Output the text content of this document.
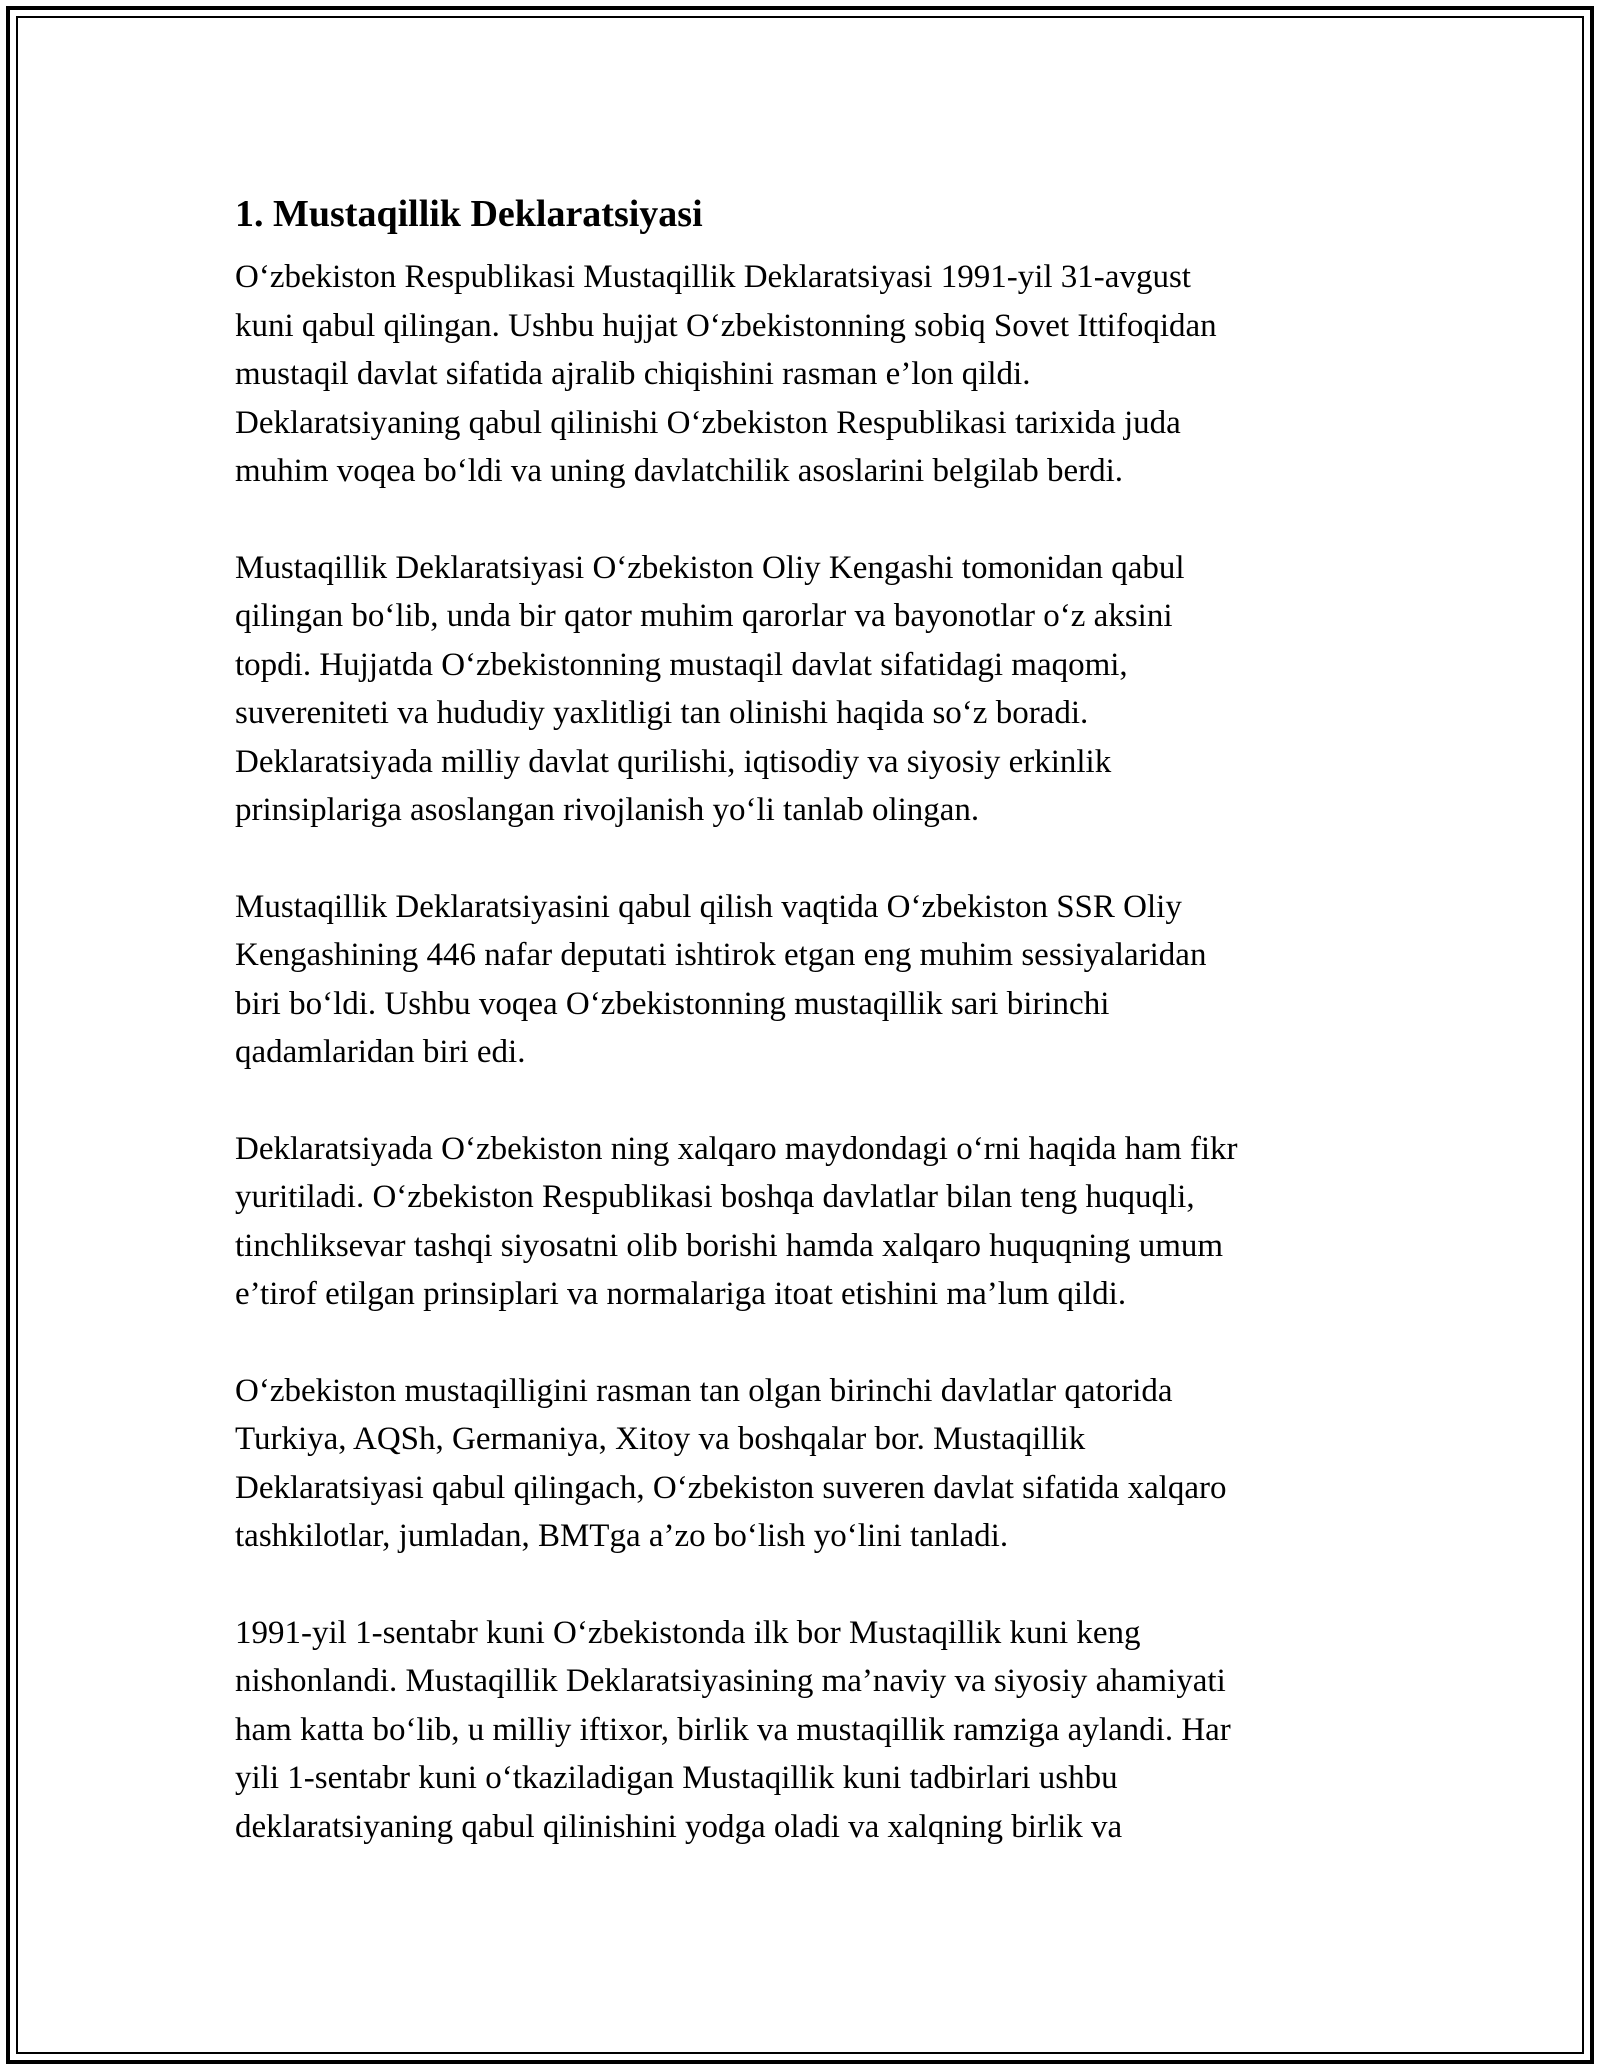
1. Mustaqillik Deklaratsiyasi
O‘zbekiston Respublikasi Mustaqillik Deklaratsiyasi 1991-yil 31-avgust
kuni qabul qilingan. Ushbu hujjat O‘zbekistonning sobiq Sovet Ittifoqidan
mustaqil davlat sifatida ajralib chiqishini rasman e’lon qildi.
Deklaratsiyaning qabul qilinishi O‘zbekiston Respublikasi tarixida juda
muhim voqea bo‘ldi va uning davlatchilik asoslarini belgilab berdi.
Mustaqillik Deklaratsiyasi O‘zbekiston Oliy Kengashi tomonidan qabul
qilingan bo‘lib, unda bir qator muhim qarorlar va bayonotlar o‘z aksini
topdi. Hujjatda O‘zbekistonning mustaqil davlat sifatidagi maqomi,
suvereniteti va hududiy yaxlitligi tan olinishi haqida so‘z boradi.
Deklaratsiyada milliy davlat qurilishi, iqtisodiy va siyosiy erkinlik
prinsiplariga asoslangan rivojlanish yo‘li tanlab olingan.
Mustaqillik Deklaratsiyasini qabul qilish vaqtida O‘zbekiston SSR Oliy
Kengashining 446 nafar deputati ishtirok etgan eng muhim sessiyalaridan
biri bo‘ldi. Ushbu voqea O‘zbekistonning mustaqillik sari birinchi
qadamlaridan biri edi.
Deklaratsiyada O‘zbekiston ning xalqaro maydondagi o‘rni haqida ham fikr
yuritiladi. O‘zbekiston Respublikasi boshqa davlatlar bilan teng huquqli,
tinchliksevar tashqi siyosatni olib borishi hamda xalqaro huquqning umum
e’tirof etilgan prinsiplari va normalariga itoat etishini ma’lum qildi.
O‘zbekiston mustaqilligini rasman tan olgan birinchi davlatlar qatorida
Turkiya, AQSh, Germaniya, Xitoy va boshqalar bor. Mustaqillik
Deklaratsiyasi qabul qilingach, O‘zbekiston suveren davlat sifatida xalqaro
tashkilotlar, jumladan, BMTga a’zo bo‘lish yo‘lini tanladi.
1991-yil 1-sentabr kuni O‘zbekistonda ilk bor Mustaqillik kuni keng
nishonlandi. Mustaqillik Deklaratsiyasining ma’naviy va siyosiy ahamiyati
ham katta bo‘lib, u milliy iftixor, birlik va mustaqillik ramziga aylandi. Har
yili 1-sentabr kuni o‘tkaziladigan Mustaqillik kuni tadbirlari ushbu
deklaratsiyaning qabul qilinishini yodga oladi va xalqning birlik va
